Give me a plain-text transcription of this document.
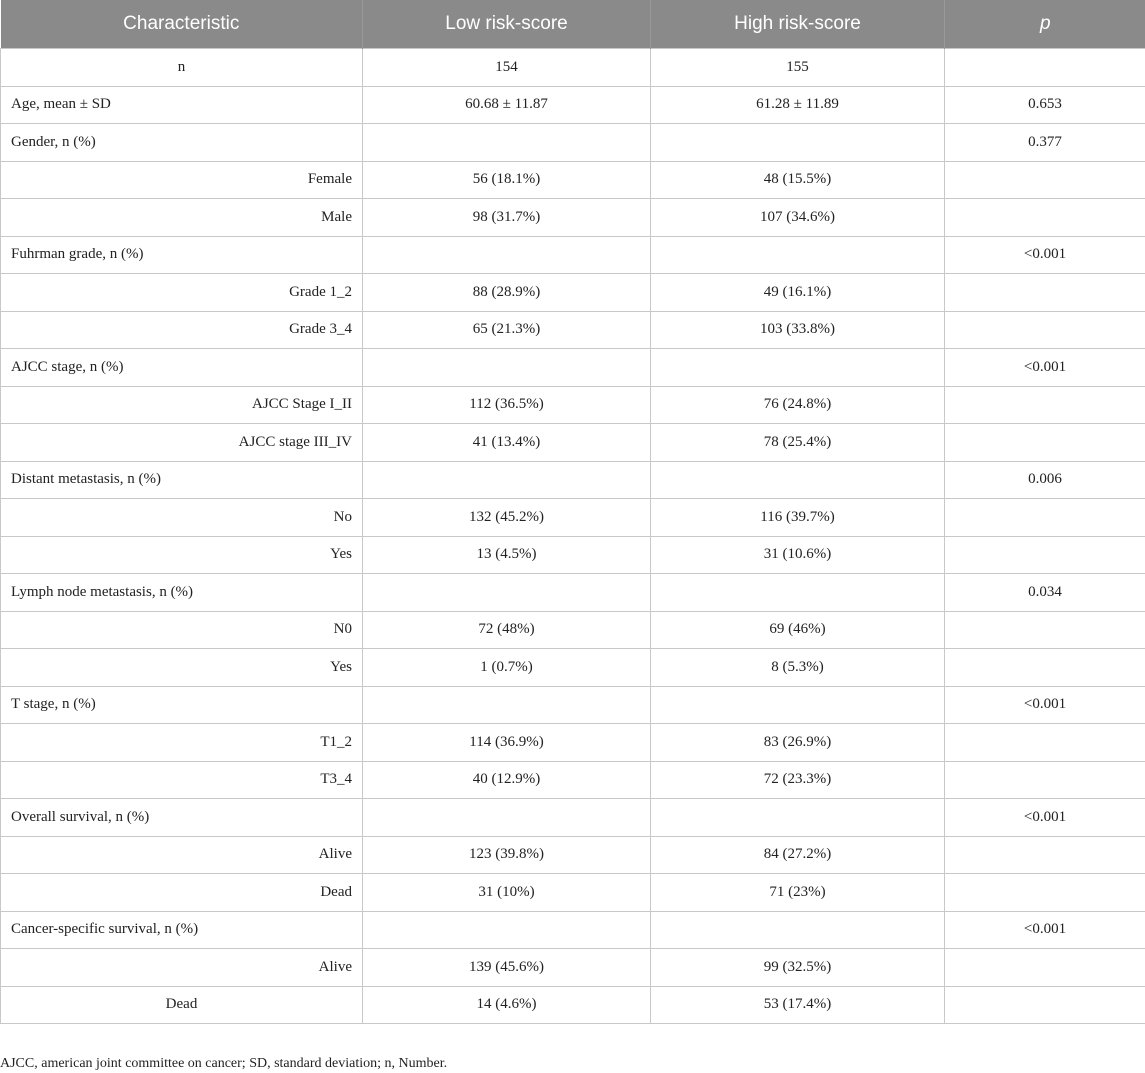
Characteristic	Low risk-score	High risk-score	p
n	154	155	
Age, mean ± SD	60.68 ± 11.87	61.28 ± 11.89	0.653
Gender, n (%)			0.377
Female	56 (18.1%)	48 (15.5%)	
Male	98 (31.7%)	107 (34.6%)	
Fuhrman grade, n (%)			<0.001
Grade 1_2	88 (28.9%)	49 (16.1%)	
Grade 3_4	65 (21.3%)	103 (33.8%)	
AJCC stage, n (%)			<0.001
AJCC Stage I_II	112 (36.5%)	76 (24.8%)	
AJCC stage III_IV	41 (13.4%)	78 (25.4%)	
Distant metastasis, n (%)			0.006
No	132 (45.2%)	116 (39.7%)	
Yes	13 (4.5%)	31 (10.6%)	
Lymph node metastasis, n (%)			0.034
N0	72 (48%)	69 (46%)	
Yes	1 (0.7%)	8 (5.3%)	
T stage, n (%)			<0.001
T1_2	114 (36.9%)	83 (26.9%)	
T3_4	40 (12.9%)	72 (23.3%)	
Overall survival, n (%)			<0.001
Alive	123 (39.8%)	84 (27.2%)	
Dead	31 (10%)	71 (23%)	
Cancer-specific survival, n (%)			<0.001
Alive	139 (45.6%)	99 (32.5%)	
Dead	14 (4.6%)	53 (17.4%)	
AJCC, american joint committee on cancer; SD, standard deviation; n, Number.
